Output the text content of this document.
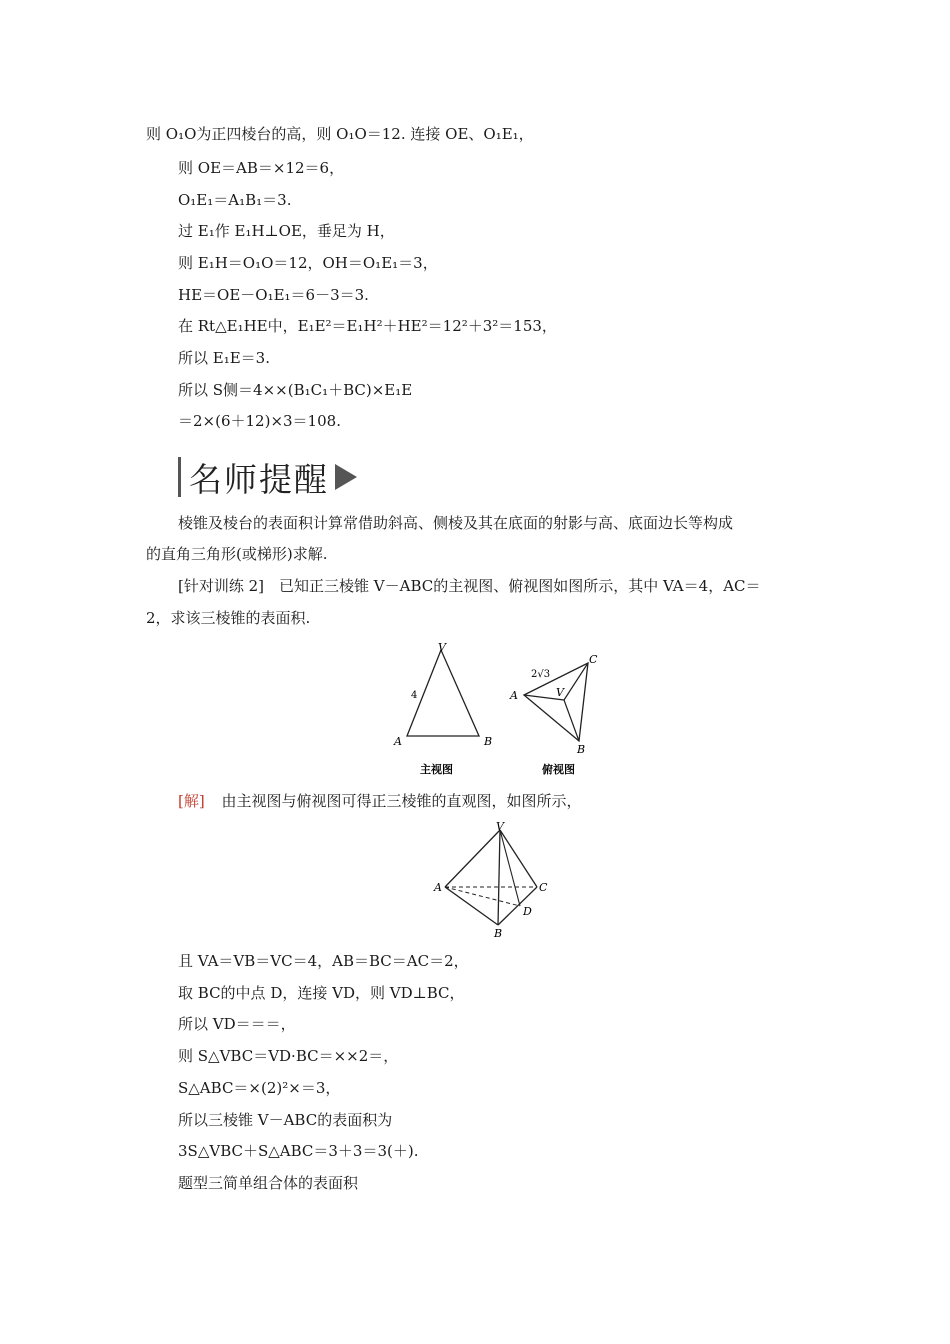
则 O₁O为正四棱台的高，则 O₁O＝12. 连接 OE、O₁E₁，
则 OE＝AB＝×12＝6，
O₁E₁＝A₁B₁＝3.
过 E₁作 E₁H⊥OE，垂足为 H，
则 E₁H＝O₁O＝12，OH＝O₁E₁＝3，
HE＝OE－O₁E₁＝6－3＝3.
在 Rt△E₁HE中，E₁E²＝E₁H²＋HE²＝12²＋3²＝153，
所以 E₁E＝3.
所以 S侧＝4××(B₁C₁＋BC)×E₁E
＝2×(6＋12)×3＝108.
名师提醒
棱锥及棱台的表面积计算常借助斜高、侧棱及其在底面的射影与高、底面边长等构成
的直角三角形(或梯形)求解.
[针对训练 2]　已知正三棱锥 V－ABC的主视图、俯视图如图所示，其中 VA＝4，AC＝
2，求该三棱锥的表面积.
V
A	B
4
主视图
A
C
B
V
2√3
俯视图
[解] 由主视图与俯视图可得正三棱锥的直观图，如图所示，
V
A	C
B
D
且 VA＝VB＝VC＝4，AB＝BC＝AC＝2，
取 BC的中点 D，连接 VD，则 VD⊥BC，
所以 VD＝＝＝，
则 S△VBC＝VD·BC＝××2＝，
S△ABC＝×(2)²×＝3，
所以三棱锥 V－ABC的表面积为
3S△VBC＋S△ABC＝3＋3＝3(＋).
题型三简单组合体的表面积
